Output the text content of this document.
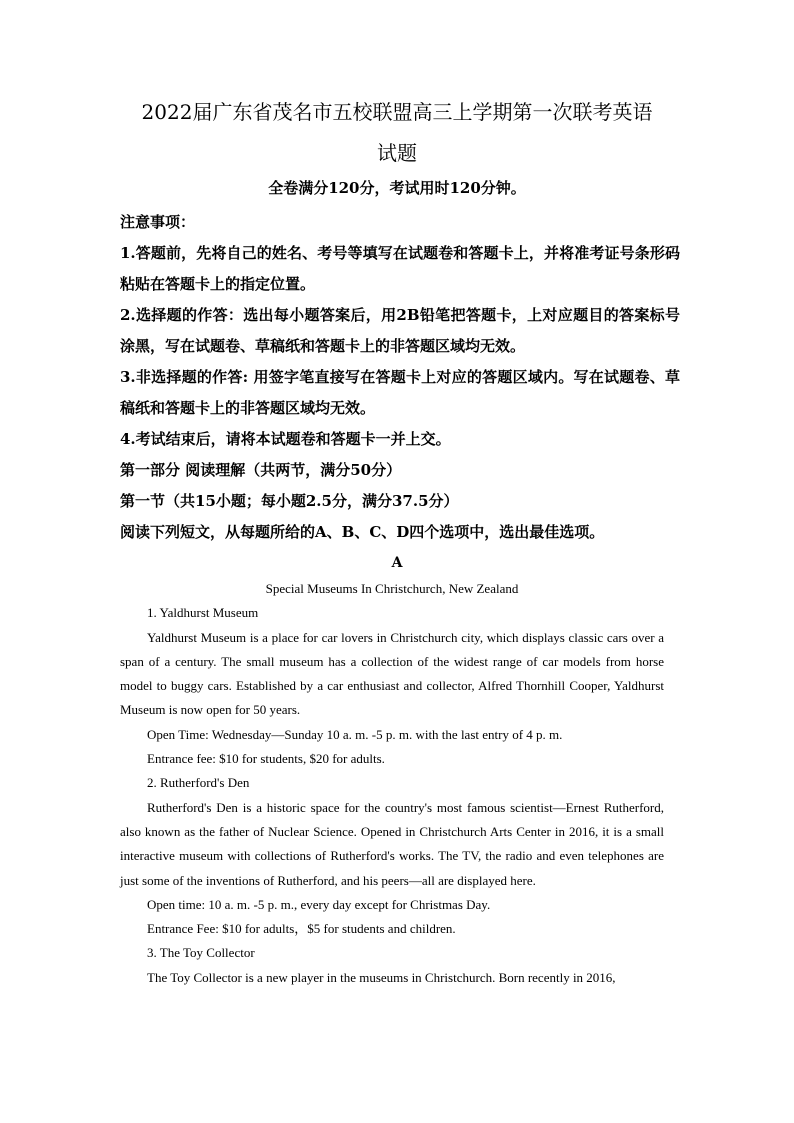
2022届广东省茂名市五校联盟高三上学期第一次联考英语
试题
全卷满分120分，考试用时120分钟。
注意事项：
1.答题前，先将自己的姓名、考号等填写在试题卷和答题卡上，并将准考证号条形码粘贴在答题卡上的指定位置。
2.选择题的作答：选出每小题答案后，用2B铅笔把答题卡，上对应题目的答案标号涂黑，写在试题卷、草稿纸和答题卡上的非答题区域均无效。
3.非选择题的作答: 用签字笔直接写在答题卡上对应的答题区域内。写在试题卷、草稿纸和答题卡上的非答题区域均无效。
4.考试结束后，请将本试题卷和答题卡一并上交。
第一部分 阅读理解（共两节，满分50分）
第一节（共15小题；每小题2.5分，满分37.5分）
阅读下列短文，从每题所给的A、B、C、D四个选项中，选出最佳选项。
A

Special Museums In Christchurch, New Zealand

1. Yaldhurst Museum

Yaldhurst Museum is a place for car lovers in Christchurch city, which displays classic cars over a span of a century. The small museum has a collection of the widest range of car models from horse model to buggy cars. Established by a car enthusiast and collector, Alfred Thornhill Cooper, Yaldhurst Museum is now open for 50 years.

Open Time: Wednesday—Sunday 10 a. m. -5 p. m. with the last entry of 4 p. m.

Entrance fee: $10 for students, $20 for adults.

2. Rutherford's Den

Rutherford's Den is a historic space for the country's most famous scientist—Ernest Rutherford, also known as the father of Nuclear Science. Opened in Christchurch Arts Center in 2016, it is a small interactive museum with collections of Rutherford's works. The TV, the radio and even telephones are just some of the inventions of Rutherford, and his peers—all are displayed here.

Open time: 10 a. m. -5 p. m., every day except for Christmas Day.

Entrance Fee: $10 for adults，$5 for students and children.

3. The Toy Collector

The Toy Collector is a new player in the museums in Christchurch. Born recently in 2016,
